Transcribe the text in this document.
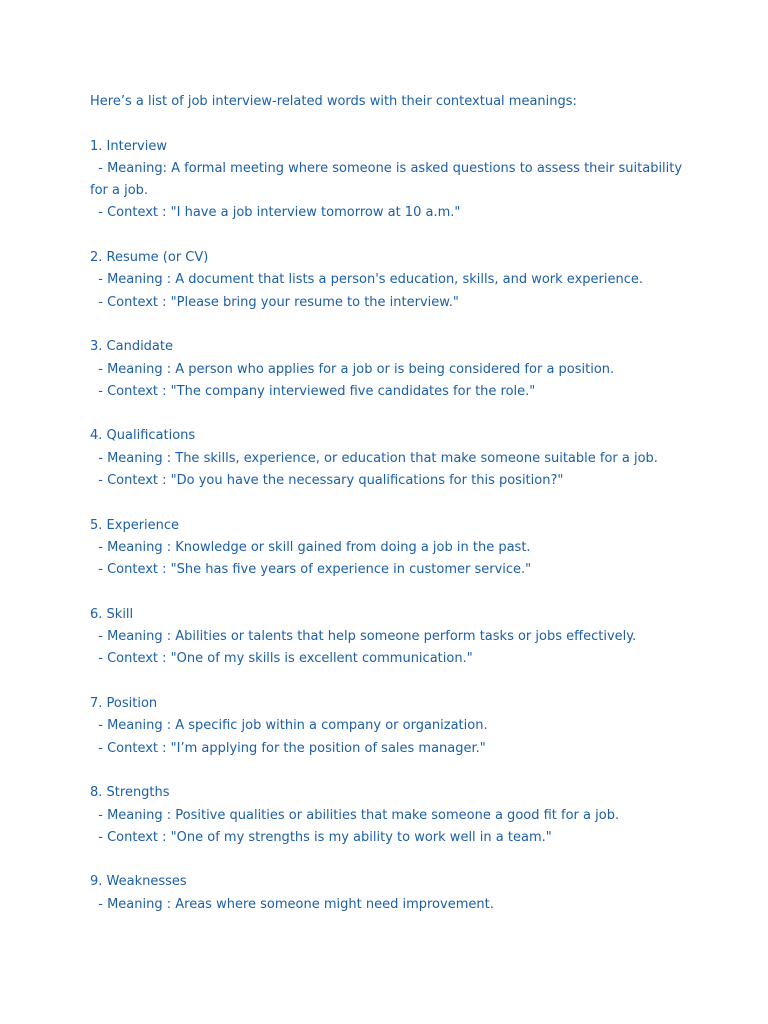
Here’s a list of job interview-related words with their contextual meanings:

1. Interview
- Meaning: A formal meeting where someone is asked questions to assess their suitability for a job.
- Context : "I have a job interview tomorrow at 10 a.m."
2. Resume (or CV)
- Meaning : A document that lists a person's education, skills, and work experience.
- Context : "Please bring your resume to the interview."
3. Candidate
- Meaning : A person who applies for a job or is being considered for a position.
- Context : "The company interviewed five candidates for the role."
4. Qualifications
- Meaning : The skills, experience, or education that make someone suitable for a job.
- Context : "Do you have the necessary qualifications for this position?"
5. Experience
- Meaning : Knowledge or skill gained from doing a job in the past.
- Context : "She has five years of experience in customer service."
6. Skill
- Meaning : Abilities or talents that help someone perform tasks or jobs effectively.
- Context : "One of my skills is excellent communication."
7. Position
- Meaning : A specific job within a company or organization.
- Context : "I’m applying for the position of sales manager."
8. Strengths
- Meaning : Positive qualities or abilities that make someone a good fit for a job.
- Context : "One of my strengths is my ability to work well in a team."
9. Weaknesses
- Meaning : Areas where someone might need improvement.
